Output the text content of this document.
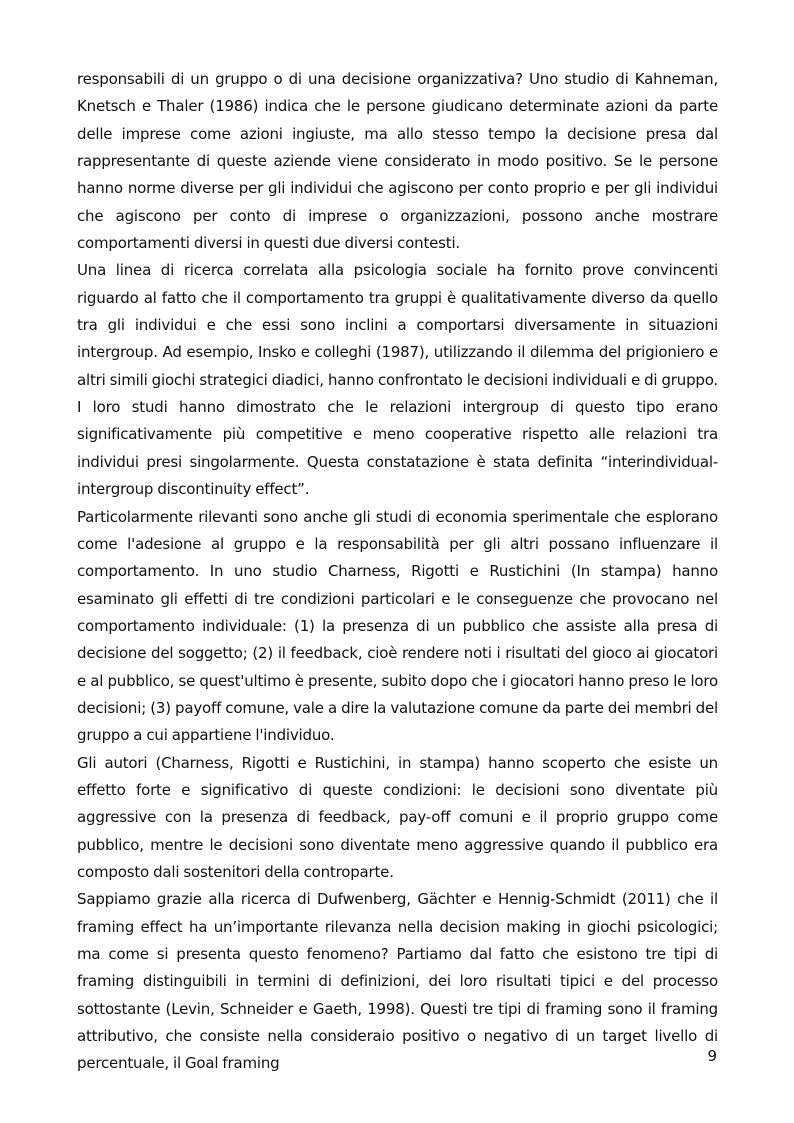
responsabili di un gruppo o di una decisione organizzativa? Uno studio di Kahneman, Knetsch e Thaler (1986) indica che le persone giudicano determinate azioni da parte delle imprese come azioni ingiuste, ma allo stesso tempo la decisione presa dal rappresentante di queste aziende viene considerato in modo positivo. Se le persone hanno norme diverse per gli individui che agiscono per conto proprio e per gli individui che agiscono per conto di imprese o organizzazioni, possono anche mostrare comportamenti diversi in questi due diversi contesti.

Una linea di ricerca correlata alla psicologia sociale ha fornito prove convincenti riguardo al fatto che il comportamento tra gruppi è qualitativamente diverso da quello tra gli individui e che essi sono inclini a comportarsi diversamente in situazioni intergroup. Ad esempio, Insko e colleghi (1987), utilizzando il dilemma del prigioniero e altri simili giochi strategici diadici, hanno confrontato le decisioni individuali e di gruppo. I loro studi hanno dimostrato che le relazioni intergroup di questo tipo erano significativamente più competitive e meno cooperative rispetto alle relazioni tra individui presi singolarmente. Questa constatazione è stata definita “interindividual-intergroup discontinuity effect”.

Particolarmente rilevanti sono anche gli studi di economia sperimentale che esplorano come l'adesione al gruppo e la responsabilità per gli altri possano influenzare il comportamento. In uno studio Charness, Rigotti e Rustichini (In stampa) hanno esaminato gli effetti di tre condizioni particolari e le conseguenze che provocano nel comportamento individuale: (1) la presenza di un pubblico che assiste alla presa di decisione del soggetto; (2) il feedback, cioè rendere noti i risultati del gioco ai giocatori e al pubblico, se quest'ultimo è presente, subito dopo che i giocatori hanno preso le loro decisioni; (3) payoff comune, vale a dire la valutazione comune da parte dei membri del gruppo a cui appartiene l'individuo.

Gli autori (Charness, Rigotti e Rustichini, in stampa) hanno scoperto che esiste un effetto forte e significativo di queste condizioni: le decisioni sono diventate più aggressive con la presenza di feedback, pay-off comuni e il proprio gruppo come pubblico, mentre le decisioni sono diventate meno aggressive quando il pubblico era composto dali sostenitori della controparte.

Sappiamo grazie alla ricerca di Dufwenberg, Gächter e Hennig-Schmidt (2011) che il framing effect ha un’importante rilevanza nella decision making in giochi psicologici; ma come si presenta questo fenomeno? Partiamo dal fatto che esistono tre tipi di framing distinguibili in termini di definizioni, dei loro risultati tipici e del processo sottostante (Levin, Schneider e Gaeth, 1998). Questi tre tipi di framing sono il framing attributivo, che consiste nella consideraio positivo o negativo di un target livello di percentuale, il Goal framing	9
